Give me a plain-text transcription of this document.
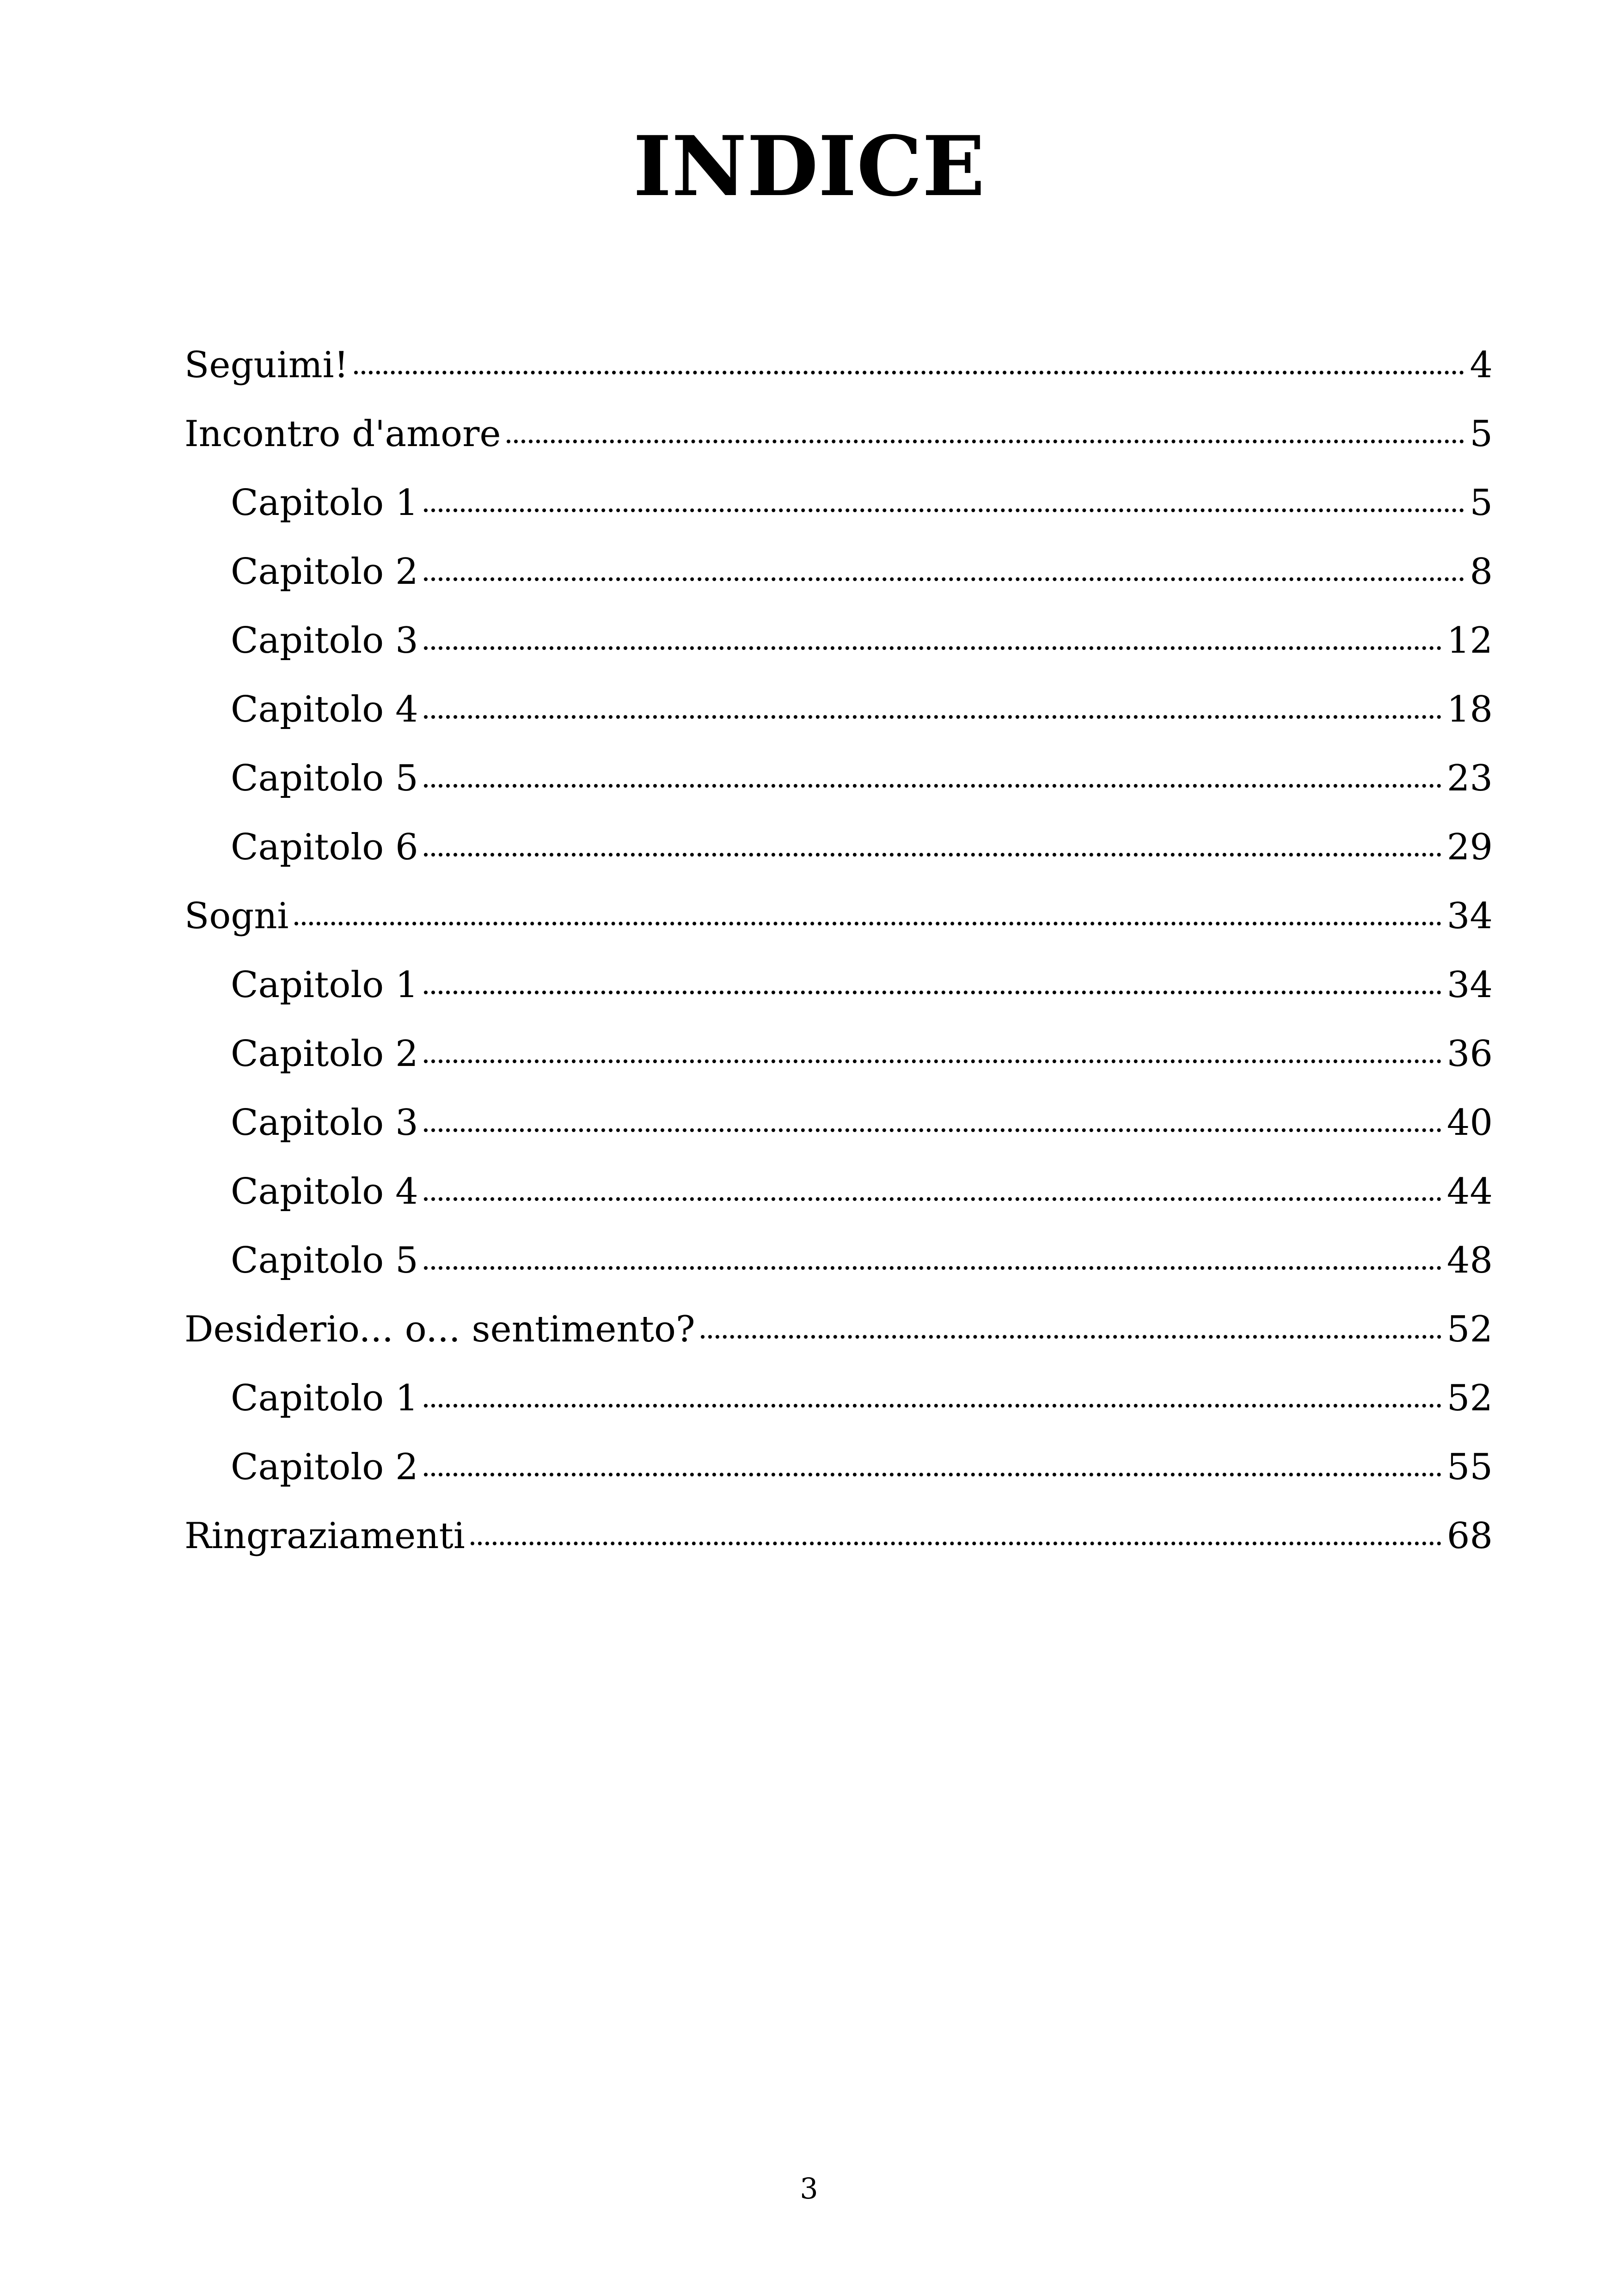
INDICE
Seguimi!	4
Incontro d'amore	5
Capitolo 1	5
Capitolo 2	8
Capitolo 3	12
Capitolo 4	18
Capitolo 5	23
Capitolo 6	29
Sogni	34
Capitolo 1	34
Capitolo 2	36
Capitolo 3	40
Capitolo 4	44
Capitolo 5	48
Desiderio... o... sentimento?	52
Capitolo 1	52
Capitolo 2	55
Ringraziamenti	68
3
